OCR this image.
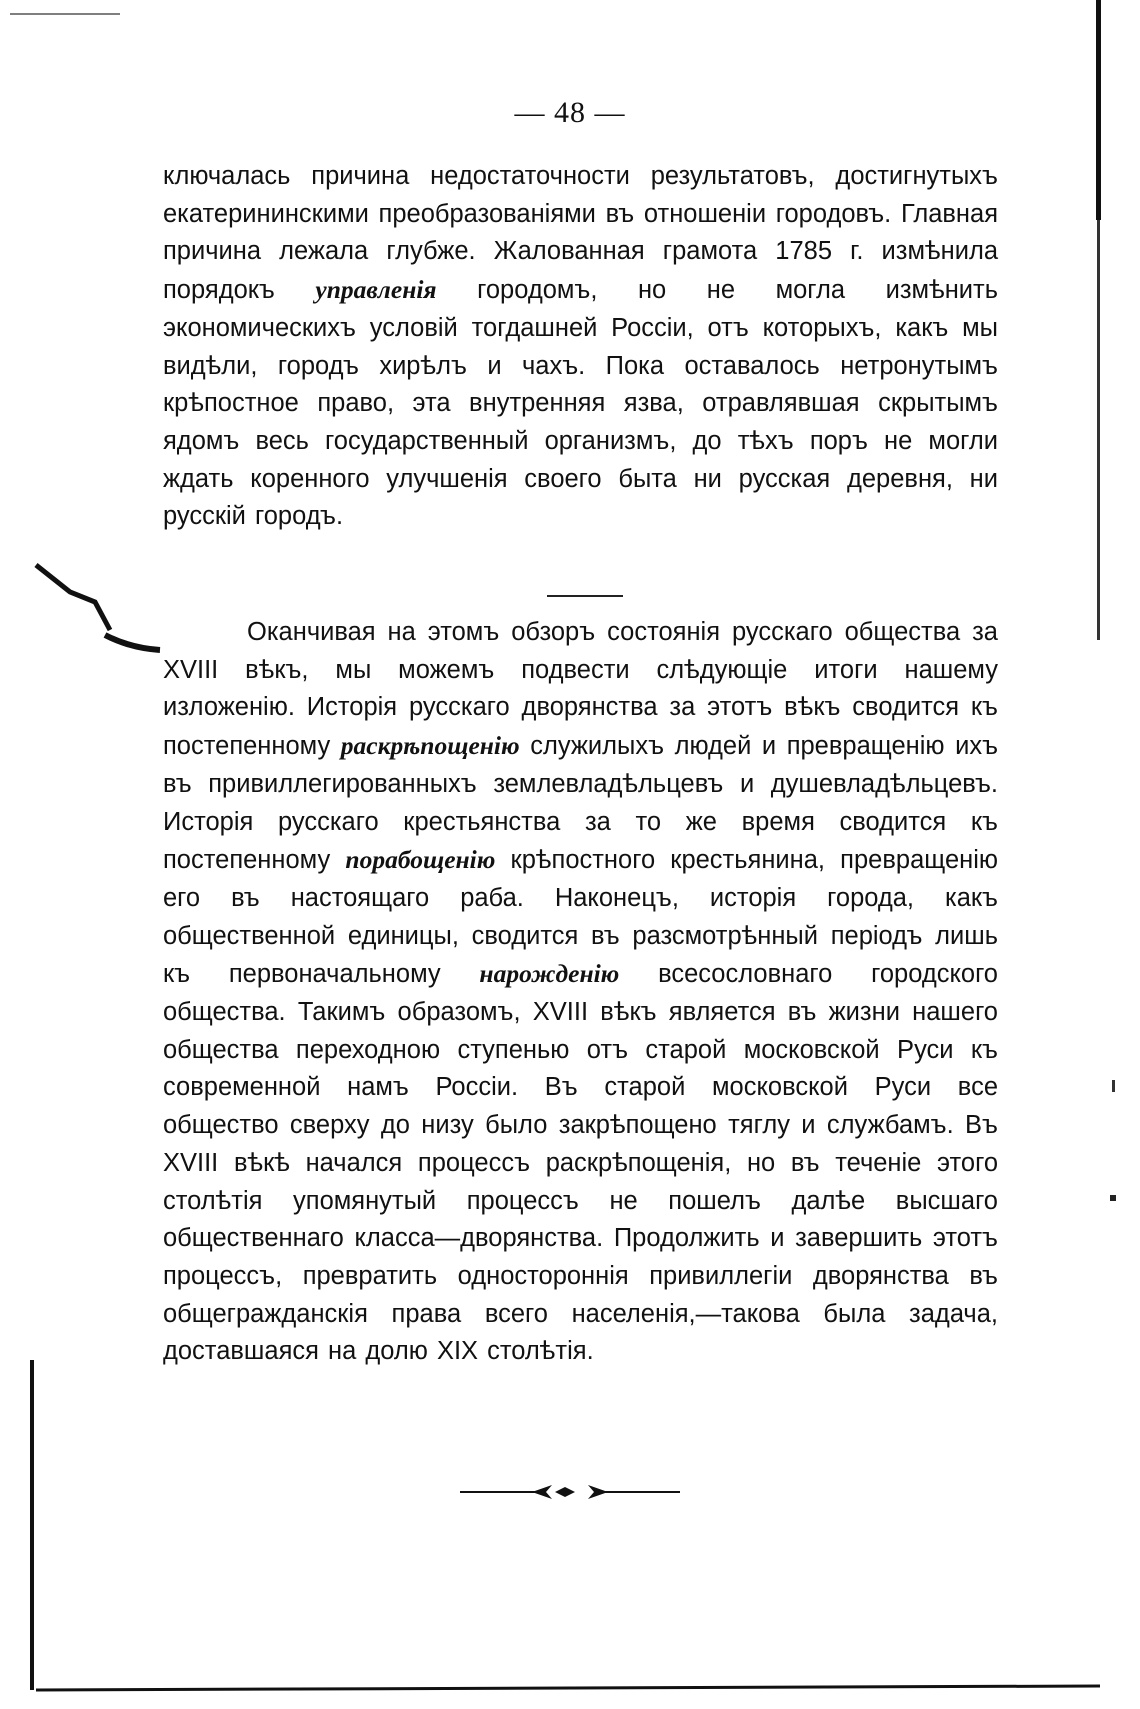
— 48 —

ключалась причина недостаточности результатовъ, достигнутыхъ екатерининскими преобразованіями въ отношеніи городовъ. Главная причина лежала глубже. Жалованная грамота 1785 г. измѣнила порядокъ управленія городомъ, но не могла измѣнить экономическихъ условій тогдашней Россіи, отъ которыхъ, какъ мы видѣли, городъ хирѣлъ и чахъ. Пока оставалось нетронутымъ крѣпостное право, эта внутренняя язва, отравлявшая скрытымъ ядомъ весь государственный организмъ, до тѣхъ поръ не могли ждать коренного улучшенія своего быта ни русская деревня, ни русскій городъ.

Оканчивая на этомъ обзоръ состоянія русскаго общества за XVIII вѣкъ, мы можемъ подвести слѣдующіе итоги нашему изложенію. Исторія русскаго дворянства за этотъ вѣкъ сводится къ постепенному раскрѣпощенію служилыхъ людей и превращенію ихъ въ привиллегированныхъ землевладѣльцевъ и душевладѣльцевъ. Исторія русскаго крестьянства за то же время сводится къ постепенному порабощенію крѣпостного крестьянина, превращенію его въ настоящаго раба. Наконецъ, исторія города, какъ общественной единицы, сводится въ разсмотрѣнный періодъ лишь къ первоначальному нарожденію всесословнаго городского общества. Такимъ образомъ, XVIII вѣкъ является въ жизни нашего общества переходною ступенью отъ старой московской Руси къ современной намъ Россіи. Въ старой московской Руси все общество сверху до низу было закрѣпощено тяглу и службамъ. Въ XVIII вѣкѣ начался процессъ раскрѣпощенія, но въ теченіе этого столѣтія упомянутый процессъ не пошелъ далѣе высшаго общественнаго класса—дворянства. Продолжить и завершить этотъ процессъ, превратить одностороннія привиллегіи дворянства въ общегражданскія права всего населенія,—такова была задача, доставшаяся на долю XIX столѣтія.
